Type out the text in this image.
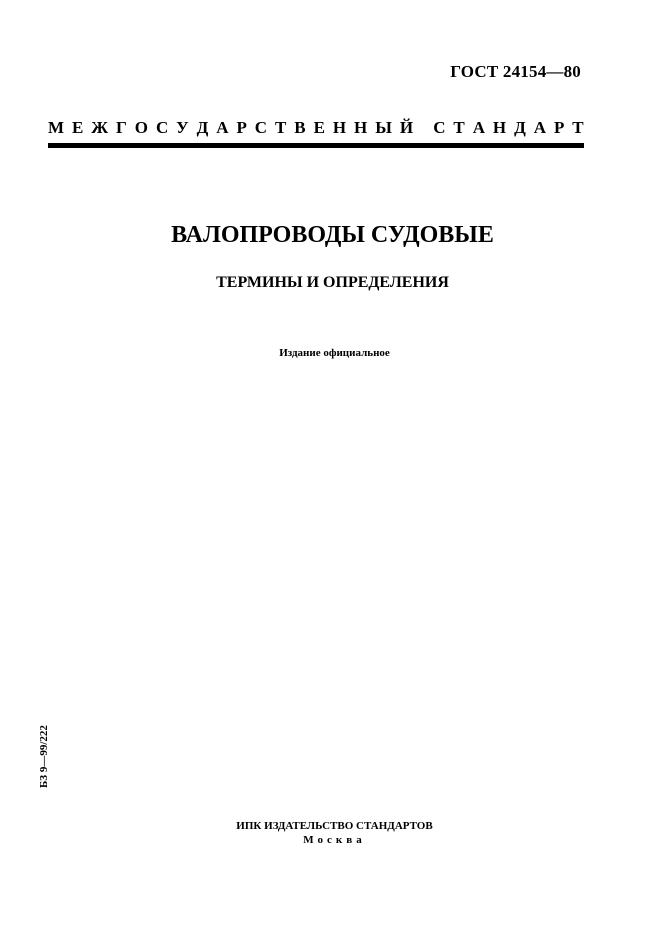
ГОСТ 24154—80
М Е Ж Г О С У Д А Р С Т В Е Н Н Ы Й
С Т А Н Д А Р Т
ВАЛОПРОВОДЫ СУДОВЫЕ
ТЕРМИНЫ И ОПРЕДЕЛЕНИЯ
Издание официальное
БЗ 9—99/222
ИПК ИЗДАТЕЛЬСТВО СТАНДАРТОВ
Москва
